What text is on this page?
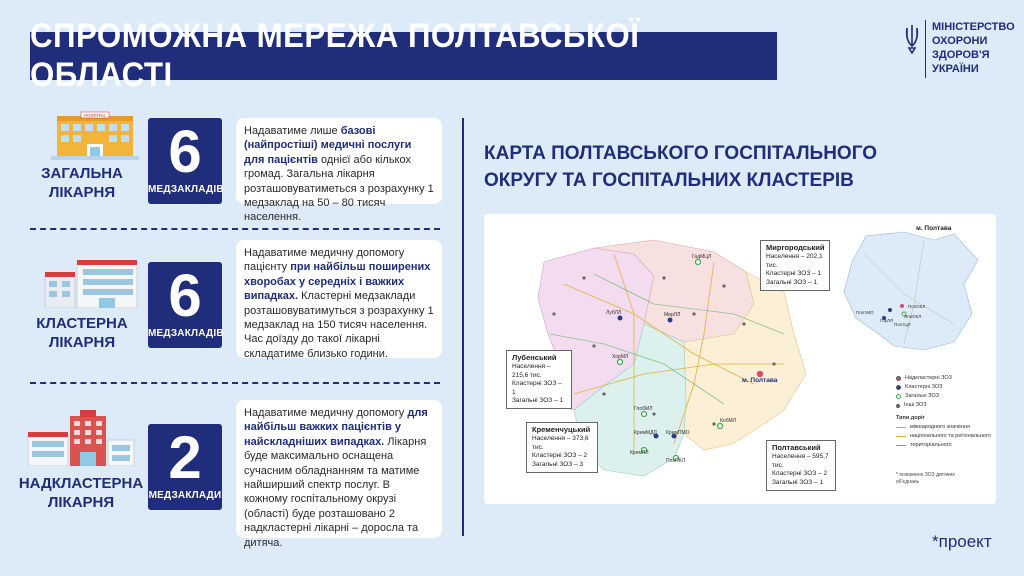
СПРОМОЖНА МЕРЕЖА ПОЛТАВСЬКОЇ ОБЛАСТІ
МІНІСТЕРСТВО
ОХОРОНИ
ЗДОРОВ'Я
УКРАЇНИ
HOSPITAL
ЗАГАЛЬНА
ЛІКАРНЯ
6
МЕДЗАКЛАДІВ
Надаватиме лише базові (найпростіші) медичні послуги для пацієнтів однієї або кількох громад. Загальна лікарня розташовуватиметься з розрахунку 1 медзаклад на 50 – 80 тисяч населення.
КЛАСТЕРНА
ЛІКАРНЯ
6
МЕДЗАКЛАДІВ
Надаватиме медичну допомогу пацієнту при найбільш поширених хворобах у середніх і важких випадках. Кластерні медзаклади розташовуватимуться з розрахунку 1 медзаклад на 150 тисяч населення. Час доїзду до такої лікарні складатиме близько години.
НАДКЛАСТЕРНА
ЛІКАРНЯ
2
МЕДЗАКЛАДИ
Надаватиме медичну допомогу для найбільш важких пацієнтів у найскладніших випадках. Лікарня буде максимально оснащена сучасним обладнанням та матиме найширший спектр послуг. В кожному госпітальному окрузі (області) буде розташовано 2 надкластерні лікарні – доросла та дитяча.
КАРТА ПОЛТАВСЬКОГО ГОСПІТАЛЬНОГО
ОКРУГУ ТА ГОСПІТАЛЬНИХ КЛАСТЕРІВ
ГадМЦЛ
ЛубЛЛ	МирЛЛ
ХорМЛ
ГлобМЛ
КобМЛ
КремМДЛ КремПМО
КремЛЛ
ПолПКЛ
м. Полтава
ПолтМО
ГорЛЛ
ПолтЦЛ
ПолОКЛ
ЯпнОКЛ
м. Полтава
Миргородський
Населення – 202,1 тис.
Кластерні ЗОЗ – 1
Загальні ЗОЗ – 1
Лубенський
Населення – 215,6 тис.
Кластерні ЗОЗ – 1
Загальні ЗОЗ – 1
Кременчуцький
Населення – 373,6 тис.
Кластерні ЗОЗ – 2
Загальні ЗОЗ – 3
Полтавський
Населення – 595,7 тис.
Кластерні ЗОЗ – 2
Загальні ЗОЗ – 1
Надкластерні ЗОЗ
Кластерні ЗОЗ
Загальні ЗОЗ
Інші ЗОЗ
Типи доріг
міжнародного значення
національного та регіонального
територіального
* позначено ЗОЗ дитячих обʼєднань
*проект
